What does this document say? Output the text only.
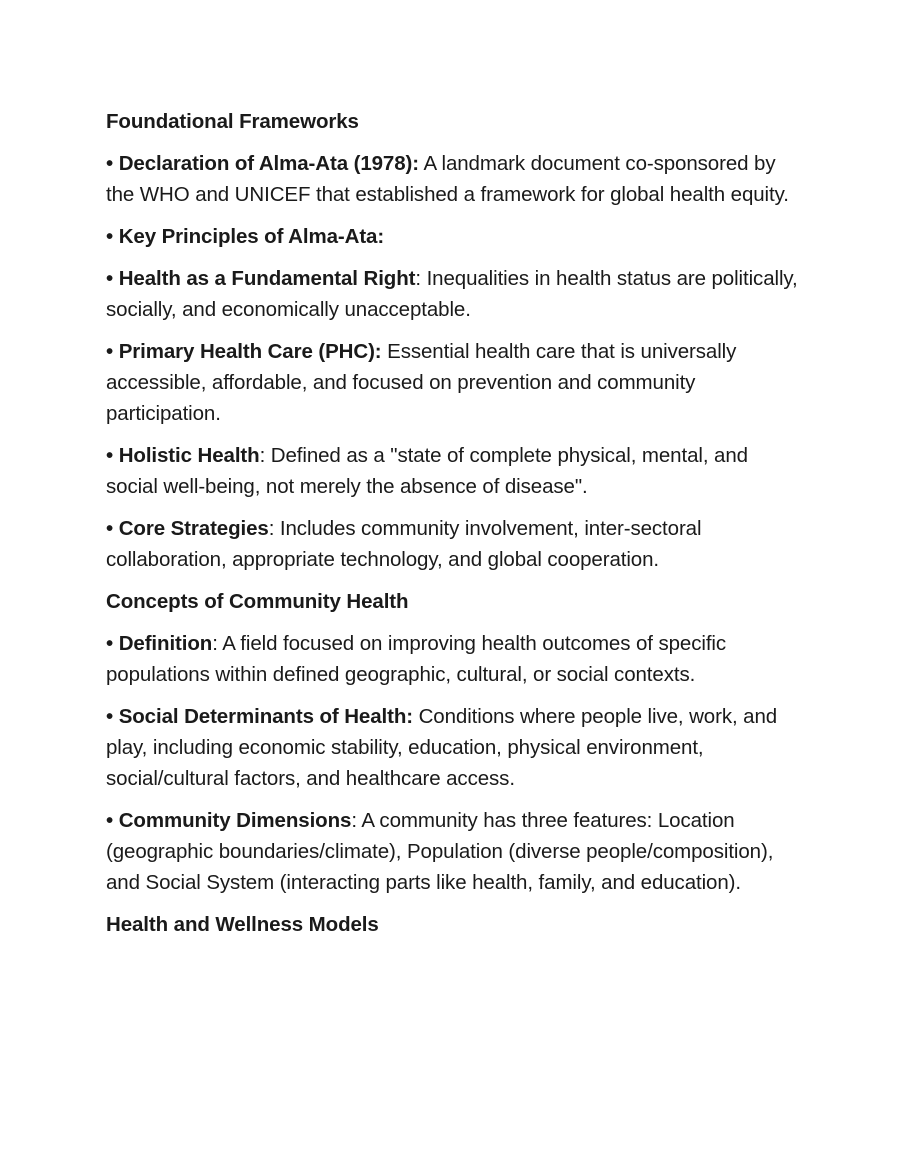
Foundational Frameworks
• Declaration of Alma-Ata (1978): A landmark document co-sponsored by the WHO and UNICEF that established a framework for global health equity.
• Key Principles of Alma-Ata:
• Health as a Fundamental Right: Inequalities in health status are politically, socially, and economically unacceptable.
• Primary Health Care (PHC): Essential health care that is universally accessible, affordable, and focused on prevention and community participation.
• Holistic Health: Defined as a "state of complete physical, mental, and social well-being, not merely the absence of disease".
• Core Strategies: Includes community involvement, inter-sectoral collaboration, appropriate technology, and global cooperation.
Concepts of Community Health
• Definition: A field focused on improving health outcomes of specific populations within defined geographic, cultural, or social contexts.
• Social Determinants of Health: Conditions where people live, work, and play, including economic stability, education, physical environment, social/cultural factors, and healthcare access.
• Community Dimensions: A community has three features: Location (geographic boundaries/climate), Population (diverse people/composition), and Social System (interacting parts like health, family, and education).
Health and Wellness Models
